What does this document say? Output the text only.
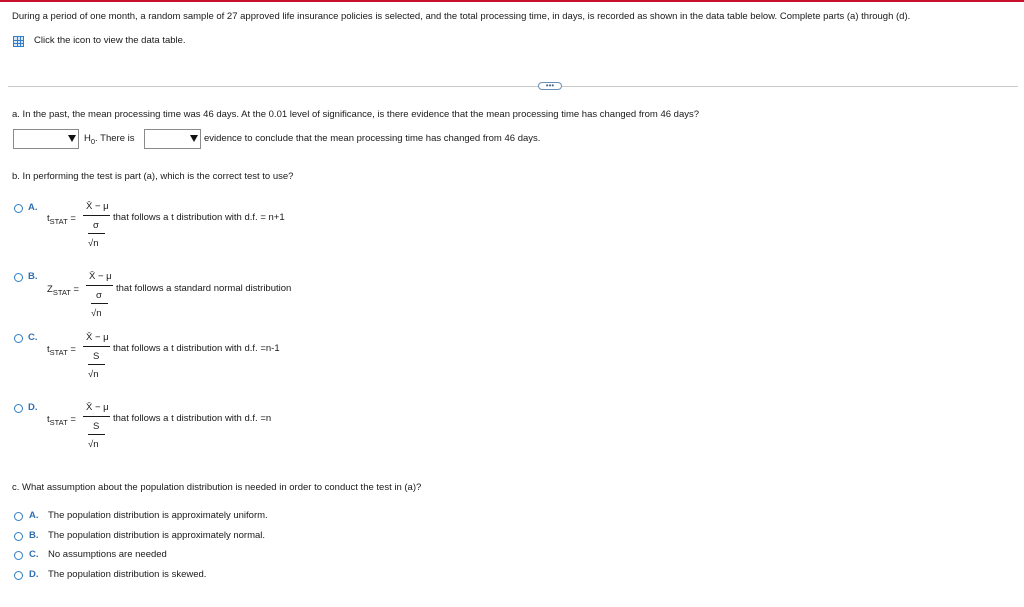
During a period of one month, a random sample of 27 approved life insurance policies is selected, and the total processing time, in days, is recorded as shown in the data table below. Complete parts (a) through (d).
Click the icon to view the data table.
•••
a. In the past, the mean processing time was 46 days. At the 0.01 level of significance, is there evidence that the mean processing time has changed from 46 days?
$H_0$. There is	evidence to conclude that the mean processing time has changed from 46 days.
b. In performing the test is part (a), which is the correct test to use?
A.
$t_{STAT}$ =
X̄ − μ
σ
√n
that follows a t distribution with d.f. = n+1
B.
$Z_{STAT}$ =
X̄ − μ
σ
√n
that follows a standard normal distribution
C.
$t_{STAT}$ =
X̄ − μ
S
√n
that follows a t distribution with d.f. =n-1
D.
$t_{STAT}$ =
X̄ − μ
S
√n
that follows a t distribution with d.f. =n
c. What assumption about the population distribution is needed in order to conduct the test in (a)?
A. The population distribution is approximately uniform.
B. The population distribution is approximately normal.
C. No assumptions are needed
D. The population distribution is skewed.
